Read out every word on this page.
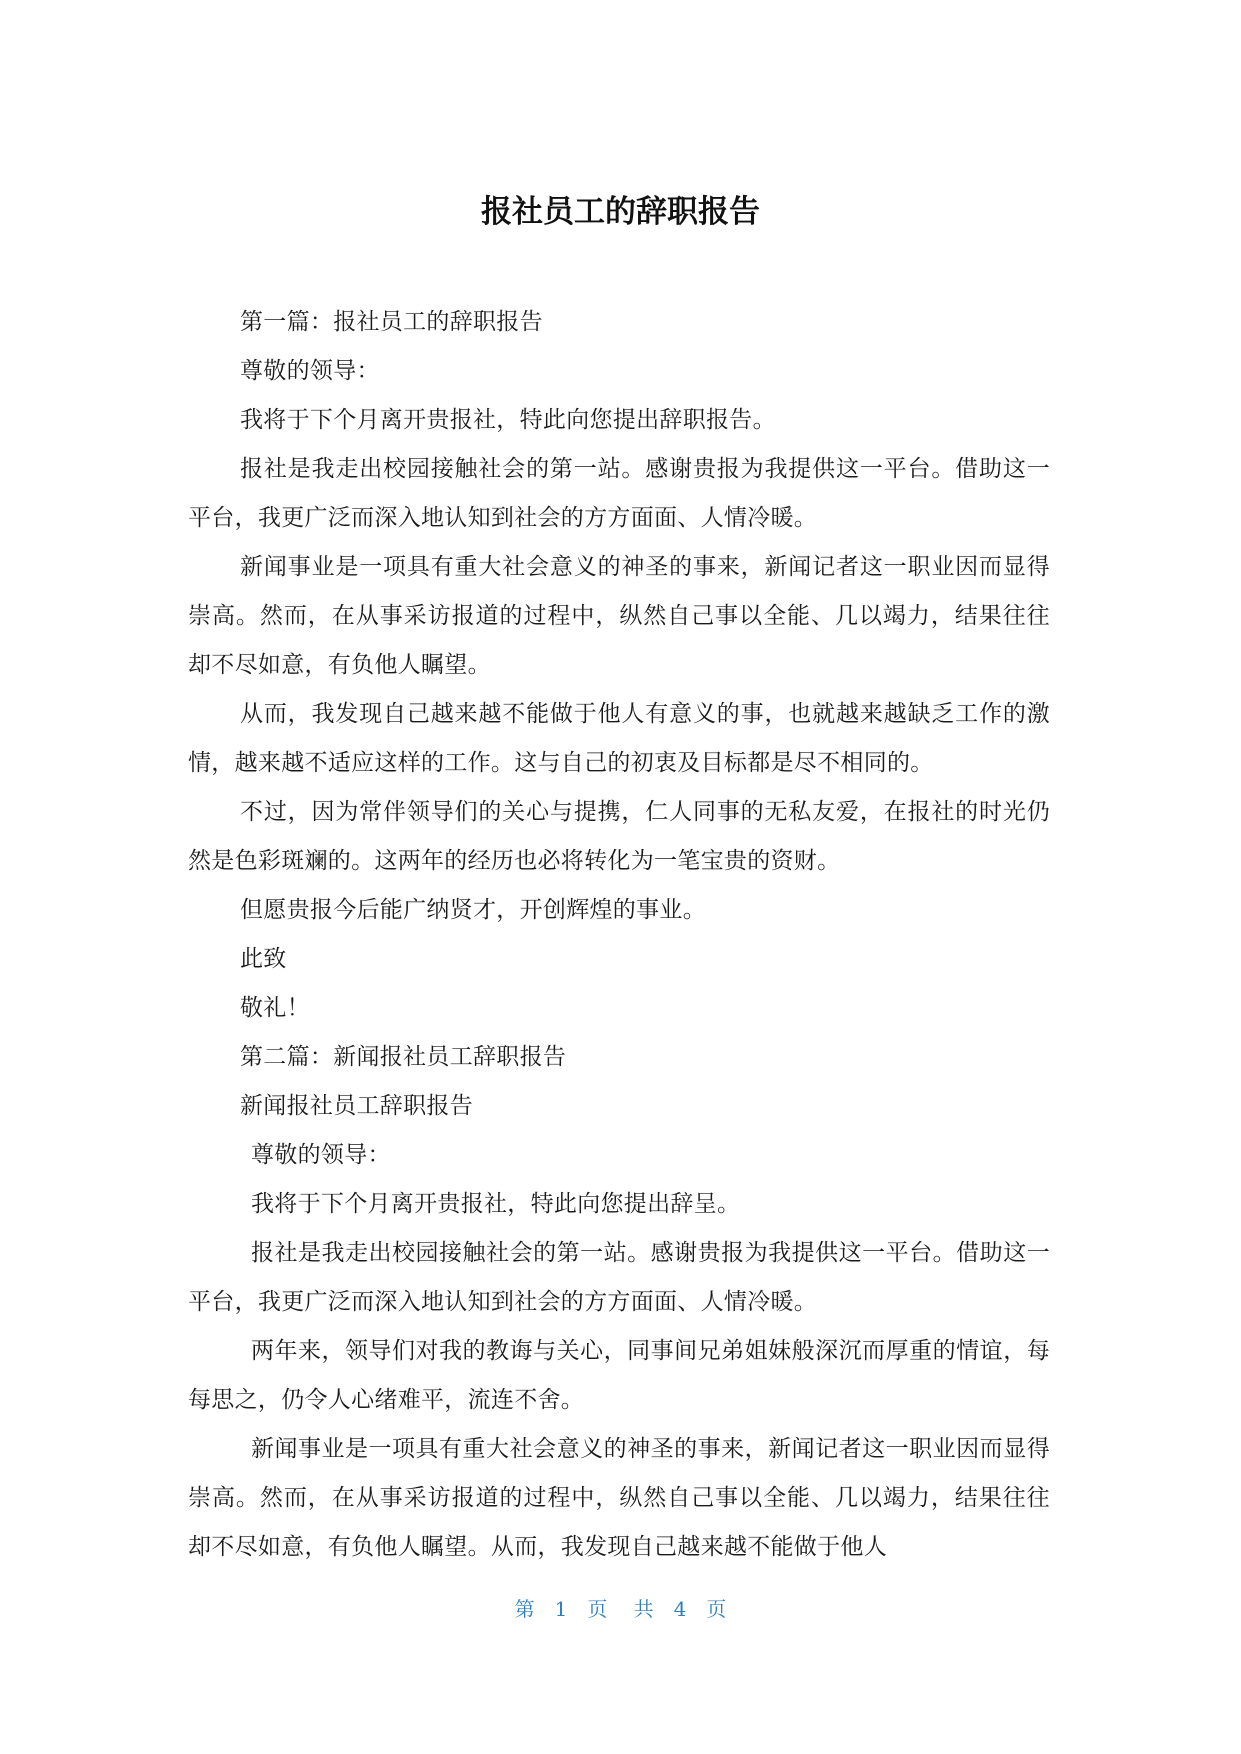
报社员工的辞职报告

第一篇：报社员工的辞职报告

尊敬的领导：

我将于下个月离开贵报社，特此向您提出辞职报告。

报社是我走出校园接触社会的第一站。感谢贵报为我提供这一平台。借助这一平台，我更广泛而深入地认知到社会的方方面面、人情冷暖。

新闻事业是一项具有重大社会意义的神圣的事来，新闻记者这一职业因而显得崇高。然而，在从事采访报道的过程中，纵然自己事以全能、几以竭力，结果往往却不尽如意，有负他人瞩望。

从而，我发现自己越来越不能做于他人有意义的事，也就越来越缺乏工作的激情，越来越不适应这样的工作。这与自己的初衷及目标都是尽不相同的。

不过，因为常伴领导们的关心与提携，仁人同事的无私友爱，在报社的时光仍然是色彩斑斓的。这两年的经历也必将转化为一笔宝贵的资财。

但愿贵报今后能广纳贤才，开创辉煌的事业。

此致

敬礼！

第二篇：新闻报社员工辞职报告

新闻报社员工辞职报告

尊敬的领导：

我将于下个月离开贵报社，特此向您提出辞呈。

报社是我走出校园接触社会的第一站。感谢贵报为我提供这一平台。借助这一平台，我更广泛而深入地认知到社会的方方面面、人情冷暖。

两年来，领导们对我的教诲与关心，同事间兄弟姐妹般深沉而厚重的情谊，每每思之，仍令人心绪难平，流连不舍。

新闻事业是一项具有重大社会意义的神圣的事来，新闻记者这一职业因而显得崇高。然而，在从事采访报道的过程中，纵然自己事以全能、几以竭力，结果往往却不尽如意，有负他人瞩望。从而，我发现自己越来越不能做于他人

第 1 页 共 4 页
